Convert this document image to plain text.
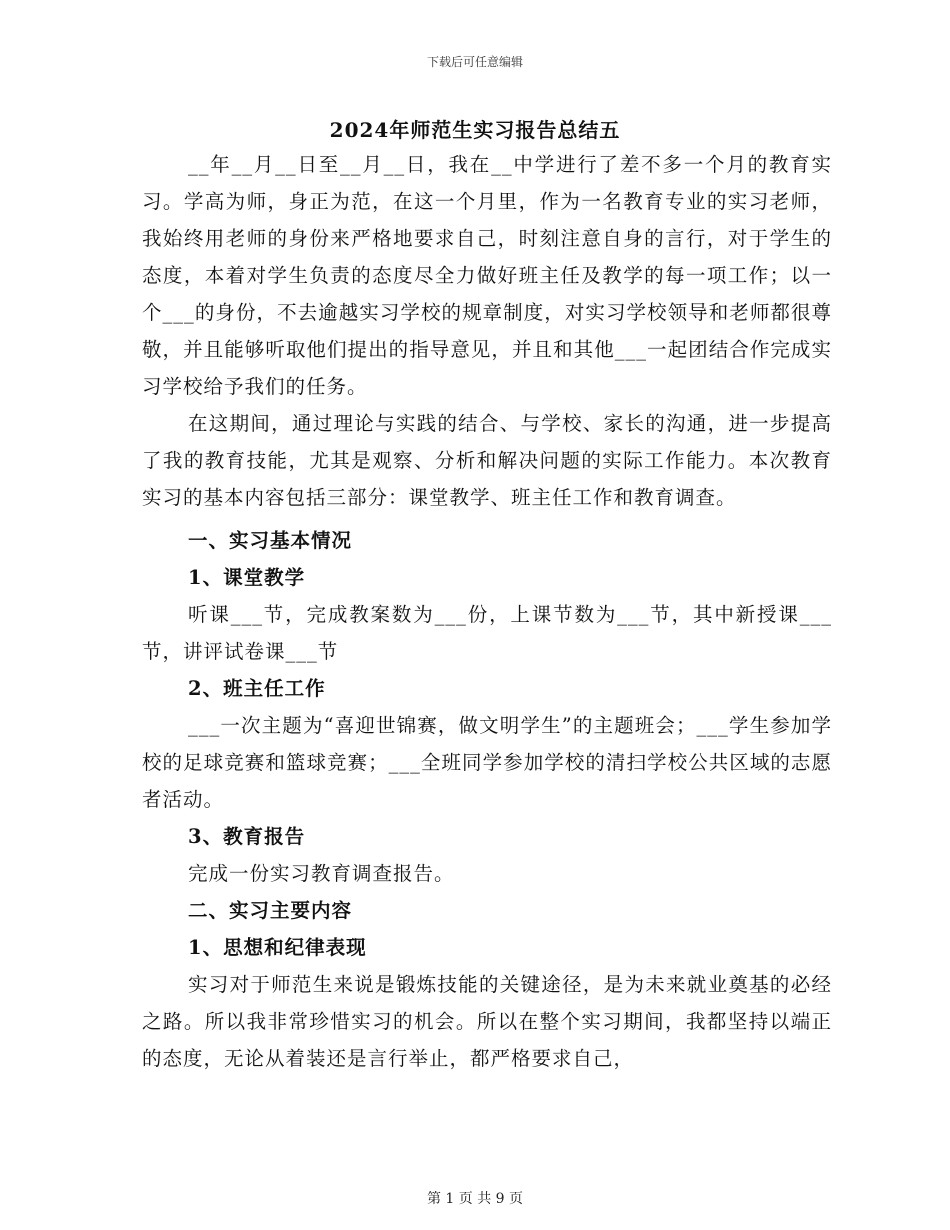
下载后可任意编辑
2024年师范生实习报告总结五

__年__月__日至__月__日，我在__中学进行了差不多一个月的教育实习。学高为师，身正为范，在这一个月里，作为一名教育专业的实习老师，我始终用老师的身份来严格地要求自己，时刻注意自身的言行，对于学生的态度，本着对学生负责的态度尽全力做好班主任及教学的每一项工作；以一个___的身份，不去逾越实习学校的规章制度，对实习学校领导和老师都很尊敬，并且能够听取他们提出的指导意见，并且和其他___一起团结合作完成实习学校给予我们的任务。

在这期间，通过理论与实践的结合、与学校、家长的沟通，进一步提高了我的教育技能，尤其是观察、分析和解决问题的实际工作能力。本次教育实习的基本内容包括三部分：课堂教学、班主任工作和教育调查。

一、实习基本情况

1、课堂教学

听课___节，完成教案数为___份，上课节数为___节，其中新授课___节，讲评试卷课___节

2、班主任工作

___一次主题为“喜迎世锦赛，做文明学生”的主题班会；___学生参加学校的足球竞赛和篮球竞赛；___全班同学参加学校的清扫学校公共区域的志愿者活动。

3、教育报告

完成一份实习教育调查报告。

二、实习主要内容

1、思想和纪律表现

实习对于师范生来说是锻炼技能的关键途径，是为未来就业奠基的必经之路。所以我非常珍惜实习的机会。所以在整个实习期间，我都坚持以端正的态度，无论从着装还是言行举止，都严格要求自己，

第 1 页 共 9 页
